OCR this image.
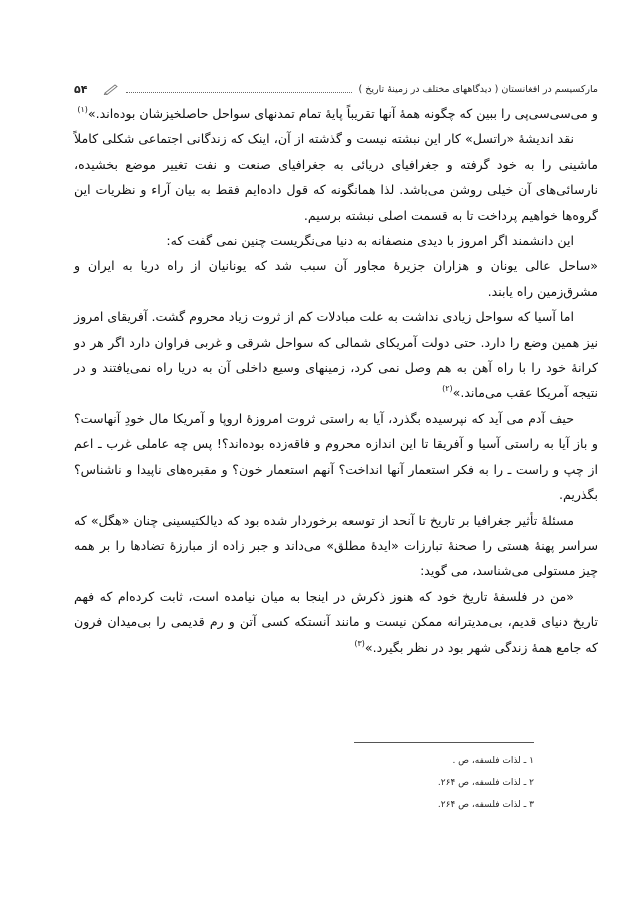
مارکسیسم در افغانستان ( دیدگاههای مختلف در زمینهٔ تاریخ )
۵۴

و می‌سی‌سی‌پی را ببین که چگونه همهٔ آنها تقریباً پایهٔ تمام تمدنهای سواحل حاصلخیزشان بوده‌اند.»$^{(۱)}$

نقد اندیشهٔ «راتسل» کار این نبشته نیست و گذشته از آن، اینک که زندگانی اجتماعی شکلی کاملاً ماشینی را به خود گرفته و جغرافیای دریائی به جغرافیای صنعت و نفت تغییر موضع بخشیده، نارسائی‌های آن خیلی روشن می‌باشد. لذا همانگونه که قول داده‌ایم فقط به بیان آراء و نظریات این گروه‌ها خواهیم پرداخت تا به قسمت اصلی نبشته برسیم.

این دانشمند اگر امروز با دیدی منصفانه به دنیا می‌نگریست چنین نمی گفت که:

«ساحل عالی یونان و هزاران جزیرهٔ مجاور آن سبب شد که یونانیان از راه دریا به ایران و مشرق‌زمین راه یابند.

اما آسیا که سواحل زیادی نداشت به علت مبادلات کم از ثروت زیاد محروم گشت. آفریقای امروز نیز همین وضع را دارد. حتی دولت آمریکای شمالی که سواحل شرقی و غربی فراوان دارد اگر هر دو کرانهٔ خود را با راه آهن به هم وصل نمی کرد، زمینهای وسیع داخلی آن به دریا راه نمی‌یافتند و در نتیجه آمریکا عقب می‌ماند.»$^{(۲)}$

حیف آدم می آید که نپرسیده بگذرد، آیا به راستی ثروت امروزهٔ اروپا و آمریکا مال خودِ آنهاست؟ و باز آیا به راستی آسیا و آفریقا تا این اندازه محروم و فاقه‌زده بوده‌اند؟! پس چه عاملی غرب ـ اعم از چپ و راست ـ را به فکر استعمار آنها انداخت؟ آنهم استعمار خون؟ و مقبره‌های ناپیدا و ناشناس؟ بگذریم.

مسئلهٔ تأثیر جغرافیا بر تاریخ تا آنحد از توسعه برخوردار شده بود که دیالکتیسینی چنان «هگل» که سراسر پهنهٔ هستی را صحنهٔ تبارزات «ایدهٔ مطلق» می‌داند و جبر زاده از مبارزهٔ تضادها را بر همه چیز مستولی می‌شناسد، می گوید:

«من در فلسفهٔ تاریخ خود که هنوز ذکرش در اینجا به میان نیامده است، ثابت کرده‌ام که فهم تاریخ دنیای قدیم، بی‌مدیترانه ممکن نیست و مانند آنستکه کسی آتن و رم قدیمی را بی‌میدان فرون که جامع همهٔ زندگی شهر بود در نظر بگیرد.»$^{(۳)}$

۱ ـ لذات فلسفه، ص .
۲ ـ لذات فلسفه، ص ۲۶۴.
۳ ـ لذات فلسفه، ص ۲۶۴.
